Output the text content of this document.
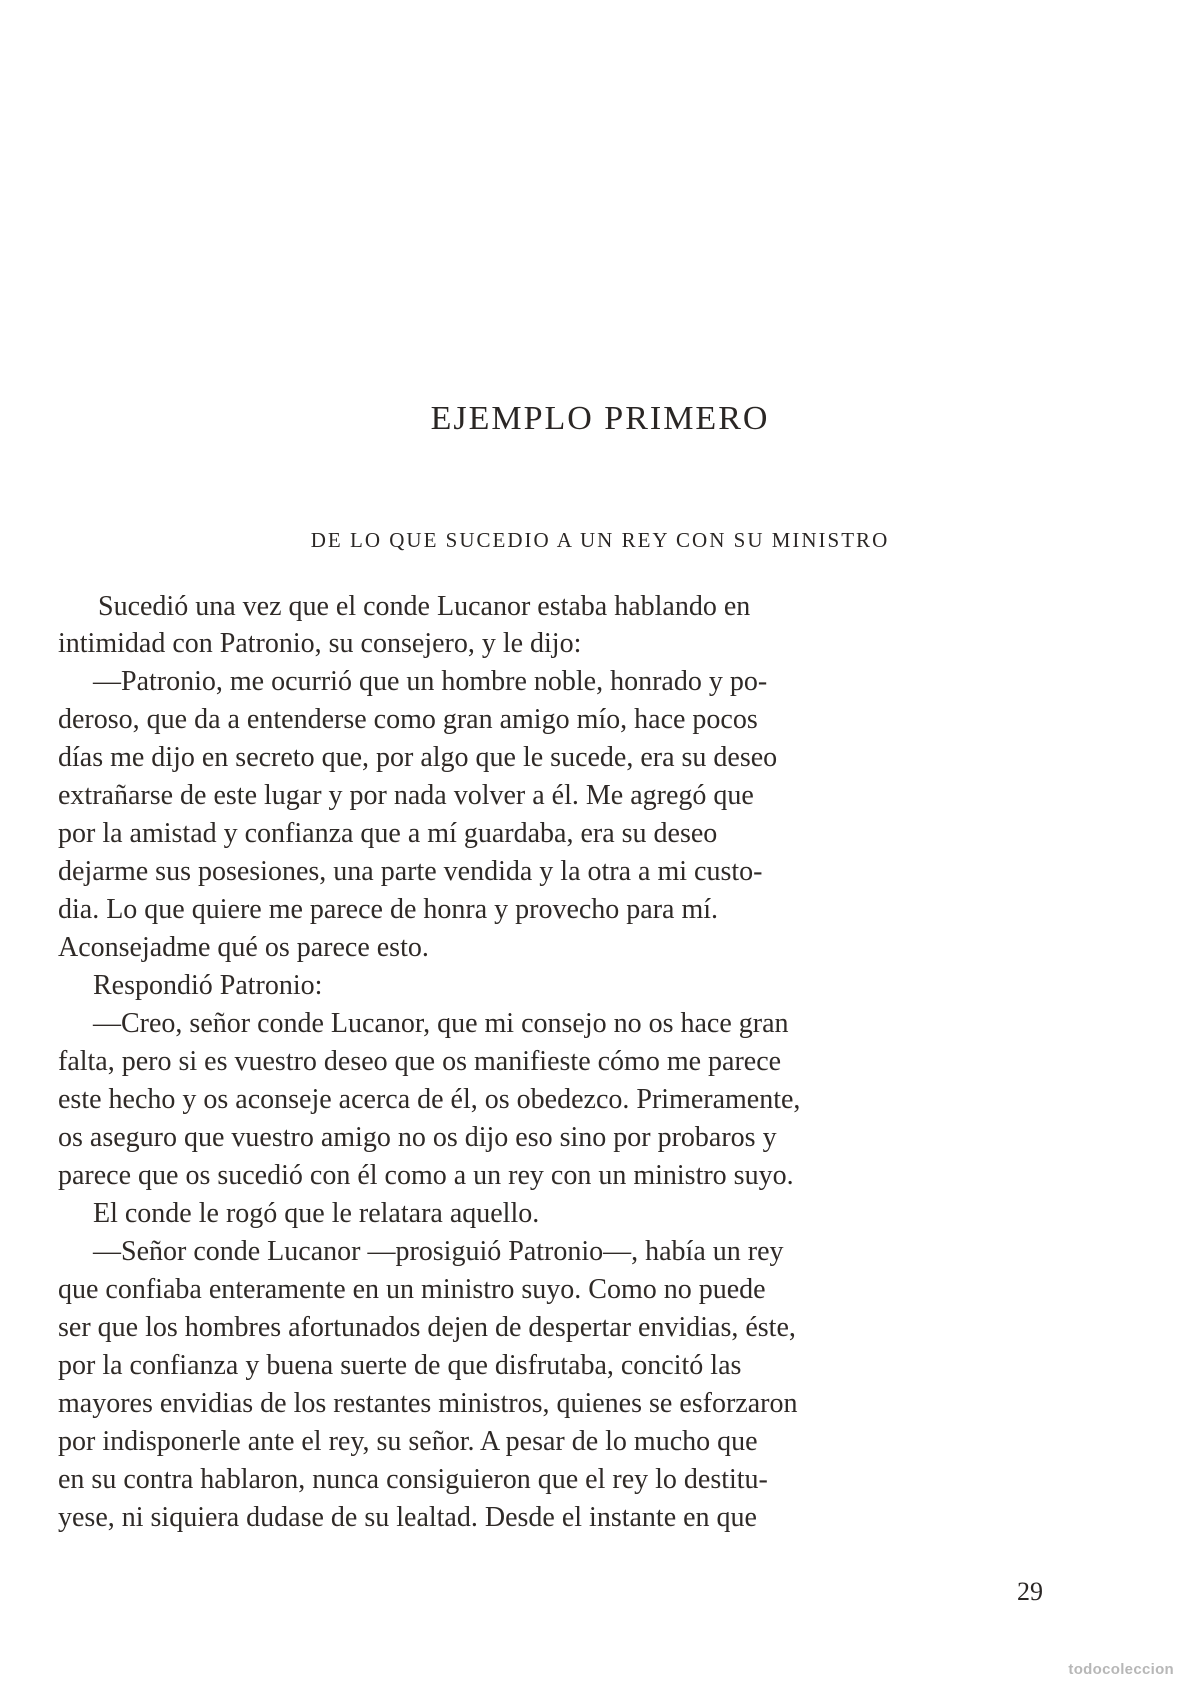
EJEMPLO PRIMERO
DE LO QUE SUCEDIO A UN REY CON SU MINISTRO
Sucedió una vez que el conde Lucanor estaba hablando en
intimidad con Patronio, su consejero, y le dijo:
—Patronio, me ocurrió que un hombre noble, honrado y po-
deroso, que da a entenderse como gran amigo mío, hace pocos
días me dijo en secreto que, por algo que le sucede, era su deseo
extrañarse de este lugar y por nada volver a él. Me agregó que
por la amistad y confianza que a mí guardaba, era su deseo
dejarme sus posesiones, una parte vendida y la otra a mi custo-
dia. Lo que quiere me parece de honra y provecho para mí.
Aconsejadme qué os parece esto.
Respondió Patronio:
—Creo, señor conde Lucanor, que mi consejo no os hace gran
falta, pero si es vuestro deseo que os manifieste cómo me parece
este hecho y os aconseje acerca de él, os obedezco. Primeramente,
os aseguro que vuestro amigo no os dijo eso sino por probaros y
parece que os sucedió con él como a un rey con un ministro suyo.
El conde le rogó que le relatara aquello.
—Señor conde Lucanor —prosiguió Patronio—, había un rey
que confiaba enteramente en un ministro suyo. Como no puede
ser que los hombres afortunados dejen de despertar envidias, éste,
por la confianza y buena suerte de que disfrutaba, concitó las
mayores envidias de los restantes ministros, quienes se esforzaron
por indisponerle ante el rey, su señor. A pesar de lo mucho que
en su contra hablaron, nunca consiguieron que el rey lo destitu-
yese, ni siquiera dudase de su lealtad. Desde el instante en que
29
todocoleccion
